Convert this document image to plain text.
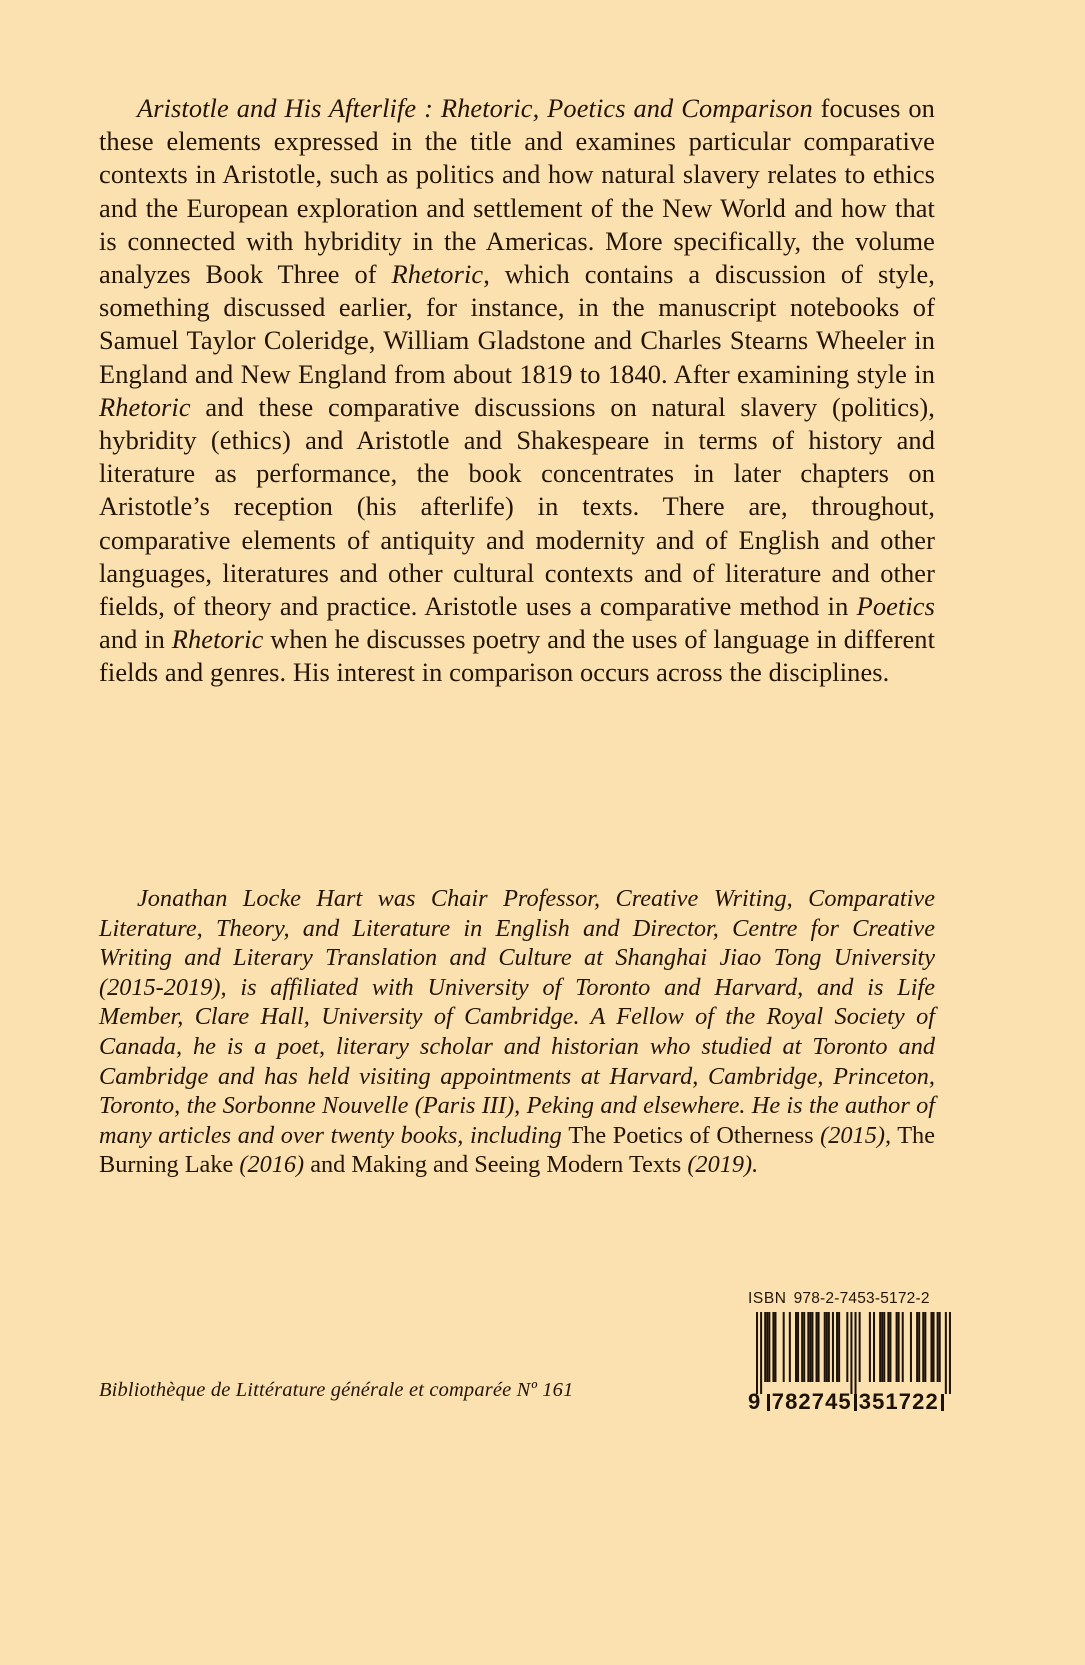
Aristotle and His Afterlife : Rhetoric, Poetics and Comparison focuses on these elements expressed in the title and examines particular comparative contexts in Aristotle, such as politics and how natural slavery relates to ethics and the European exploration and settlement of the New World and how that is connected with hybridity in the Americas. More specifically, the volume analyzes Book Three of Rhetoric, which contains a discussion of style, something discussed earlier, for instance, in the manuscript notebooks of Samuel Taylor Coleridge, William Gladstone and Charles Stearns Wheeler in England and New England from about 1819 to 1840. After examining style in Rhetoric and these comparative discussions on natural slavery (politics), hybridity (ethics) and Aristotle and Shakespeare in terms of history and literature as performance, the book concentrates in later chapters on Aristotle’s reception (his afterlife) in texts. There are, throughout, comparative elements of antiquity and modernity and of English and other languages, literatures and other cultural contexts and of literature and other fields, of theory and practice. Aristotle uses a comparative method in Poetics and in Rhetoric when he discusses poetry and the uses of language in different fields and genres. His interest in comparison occurs across the disciplines.
Jonathan Locke Hart was Chair Professor, Creative Writing, Comparative Literature, Theory, and Literature in English and Director, Centre for Creative Writing and Literary Translation and Culture at Shanghai Jiao Tong University (2015-2019), is affiliated with University of Toronto and Harvard, and is Life Member, Clare Hall, University of Cambridge. A Fellow of the Royal Society of Canada, he is a poet, literary scholar and historian who studied at Toronto and Cambridge and has held visiting appointments at Harvard, Cambridge, Princeton, Toronto, the Sorbonne Nouvelle (Paris III), Peking and elsewhere. He is the author of many articles and over twenty books, including The Poetics of Otherness (2015), The Burning Lake (2016) and Making and Seeing Modern Texts (2019).
Bibliothèque de Littérature générale et comparée Nº 161
ISBN 978-2-7453-5172-2
9 782745 351722
